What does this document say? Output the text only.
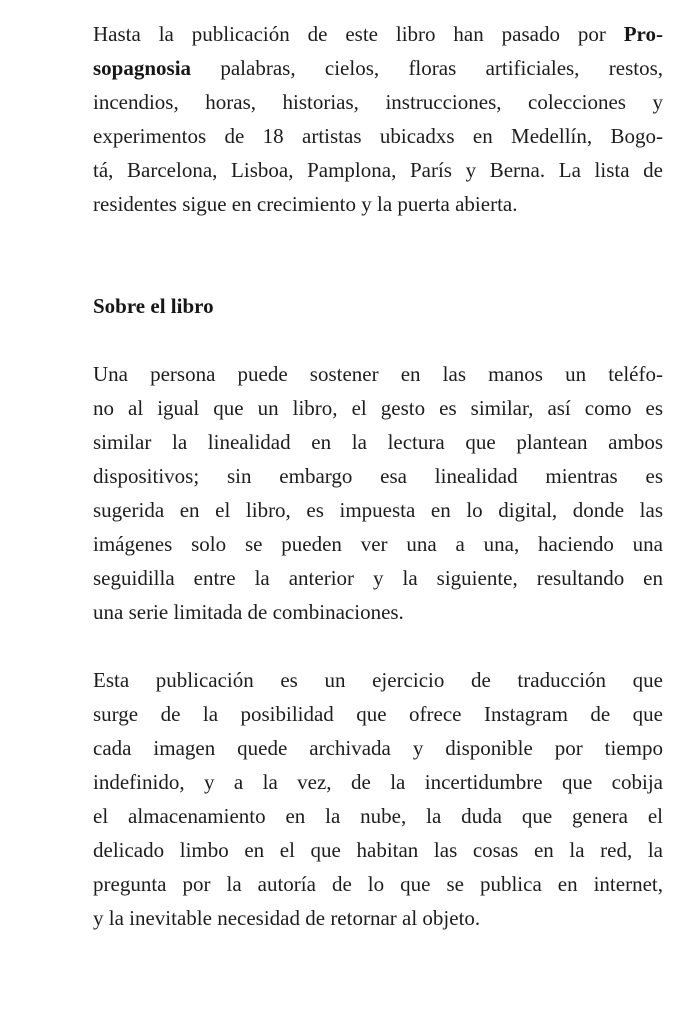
Hasta la publicación de este libro han pasado por Pro-
sopagnosia palabras, cielos, floras artificiales, restos,
incendios, horas, historias, instrucciones, colecciones y
experimentos de 18 artistas ubicadxs en Medellín, Bogo-
tá, Barcelona, Lisboa, Pamplona, París y Berna. La lista de
residentes sigue en crecimiento y la puerta abierta.
Sobre el libro
Una persona puede sostener en las manos un teléfo-
no al igual que un libro, el gesto es similar, así como es
similar la linealidad en la lectura que plantean ambos
dispositivos; sin embargo esa linealidad mientras es
sugerida en el libro, es impuesta en lo digital, donde las
imágenes solo se pueden ver una a una, haciendo una
seguidilla entre la anterior y la siguiente, resultando en
una serie limitada de combinaciones.
Esta publicación es un ejercicio de traducción que
surge de la posibilidad que ofrece Instagram de que
cada imagen quede archivada y disponible por tiempo
indefinido, y a la vez, de la incertidumbre que cobija
el almacenamiento en la nube, la duda que genera el
delicado limbo en el que habitan las cosas en la red, la
pregunta por la autoría de lo que se publica en internet,
y la inevitable necesidad de retornar al objeto.
